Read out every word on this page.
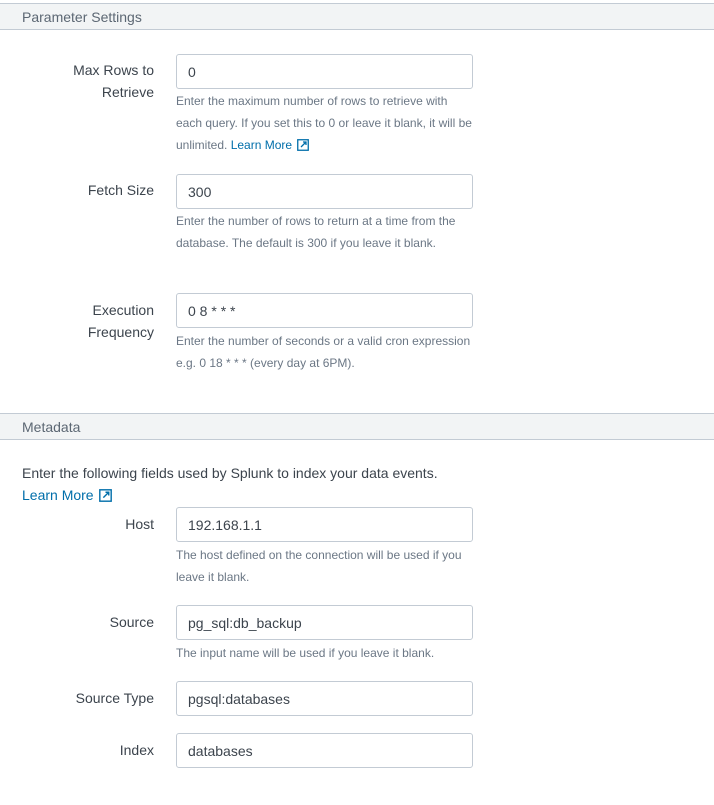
Parameter Settings
Max Rows to
Retrieve
0
Enter the maximum number of rows to retrieve with each query. If you set this to 0 or leave it blank, it will be unlimited. Learn More
Fetch Size
300
Enter the number of rows to return at a time from the database. The default is 300 if you leave it blank.
Execution
Frequency
0 8 * * *
Enter the number of seconds or a valid cron expression e.g. 0 18 * * * (every day at 6PM).
Metadata
Enter the following fields used by Splunk to index your data events. Learn More
Host
192.168.1.1
The host defined on the connection will be used if you leave it blank.
Source
pg_sql:db_backup
The input name will be used if you leave it blank.
Source Type
pgsql:databases
Index
databases
